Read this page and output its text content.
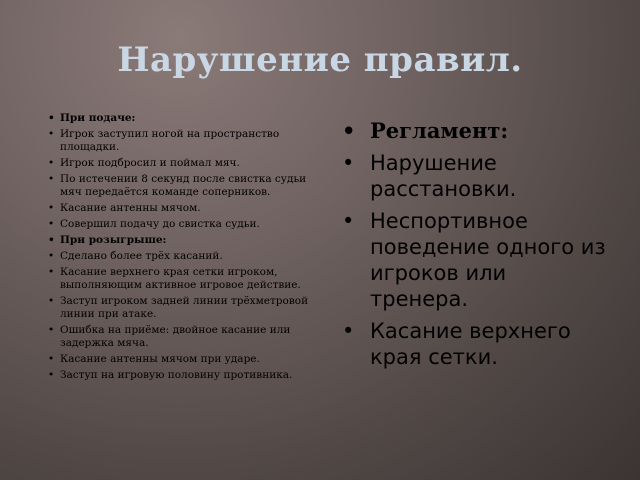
Нарушение правил.
• При подаче:
• Игрок заступил ногой на пространство площадки.
• Игрок подбросил и поймал мяч.
• По истечении 8 секунд после свистка судьи мяч передаётся команде соперников.
• Касание антенны мячом.
• Совершил подачу до свистка судьи.
• При розыгрыше:
• Сделано более трёх касаний.
• Касание верхнего края сетки игроком, выполняющим активное игровое действие.
• Заступ игроком задней линии трёхметровой линии при атаке.
• Ошибка на приёме: двойное касание или задержка мяча.
• Касание антенны мячом при ударе.
• Заступ на игровую половину противника.
• Регламент:
• Нарушение расстановки.
• Неспортивное поведение одного из игроков или тренера.
• Касание верхнего края сетки.
